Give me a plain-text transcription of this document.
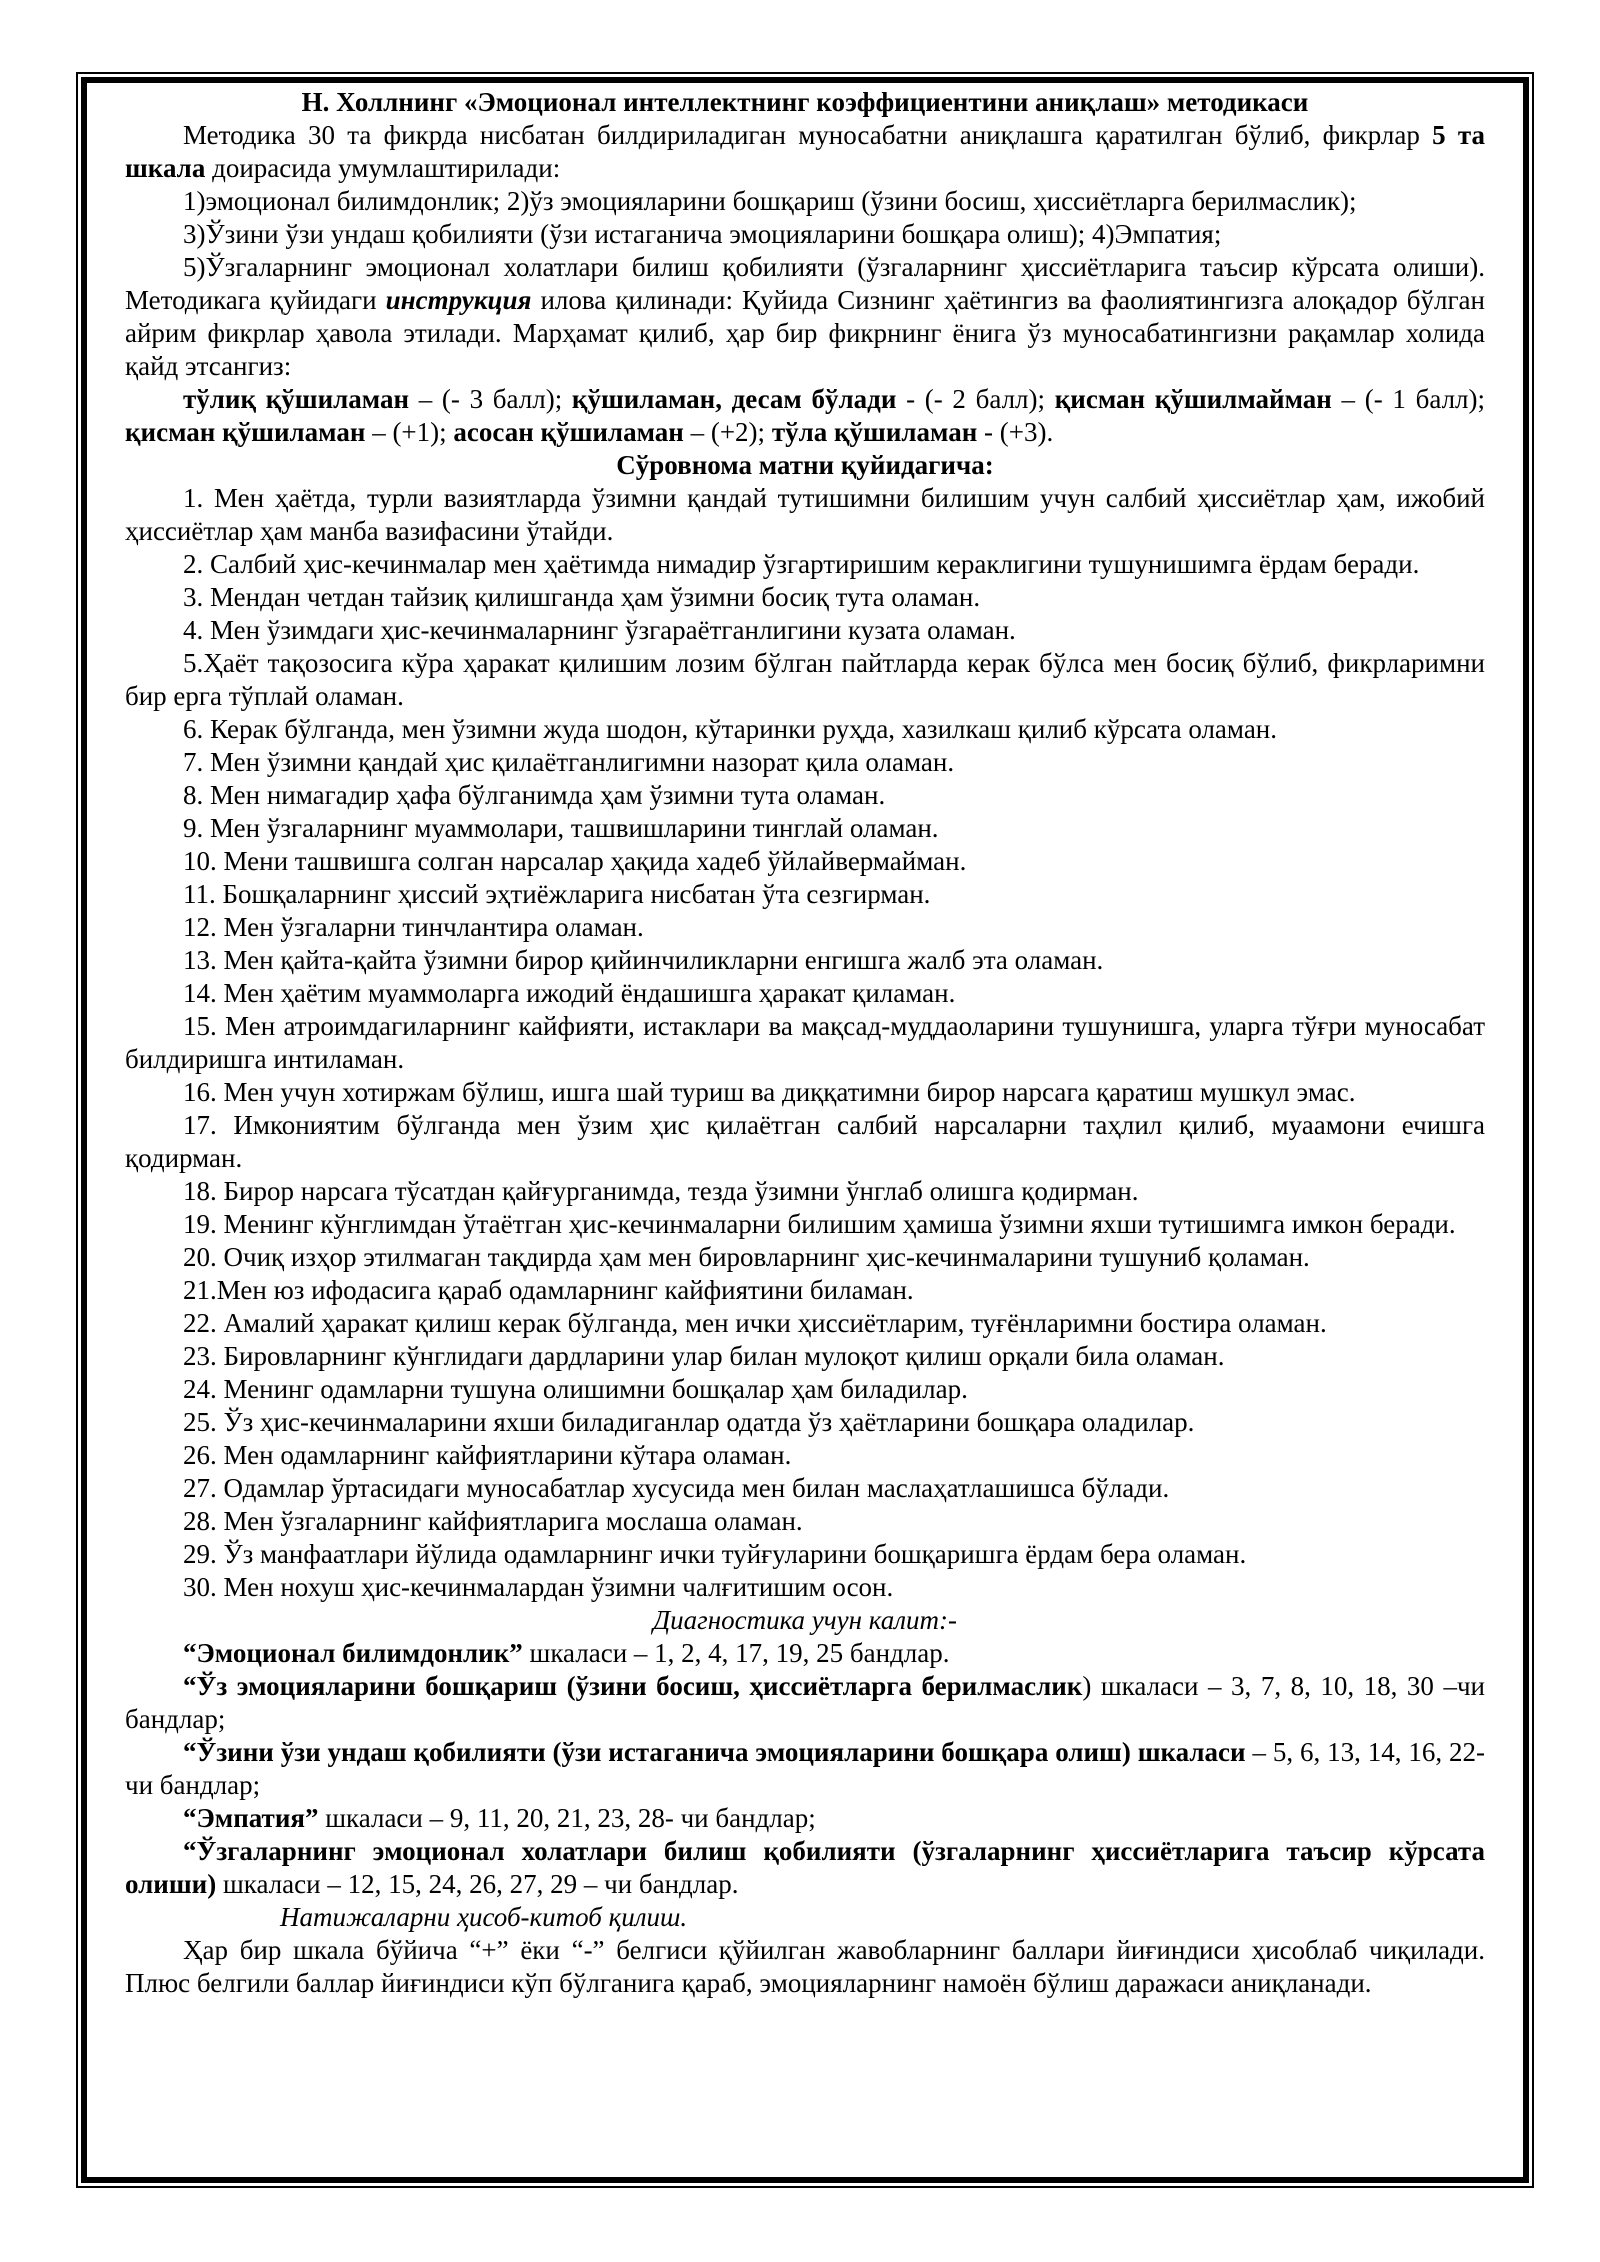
Н. Холлнинг «Эмоционал интеллектнинг коэффициентини аниқлаш» методикаси

Методика 30 та фикрда нисбатан билдириладиган муносабатни аниқлашга қаратилган бўлиб, фикрлар 5 та шкала доирасида умумлаштирилади:

1)эмоционал билимдонлик; 2)ўз эмоцияларини бошқариш (ўзини босиш, ҳиссиётларга берилмаслик);

3)Ўзини ўзи ундаш қобилияти (ўзи истаганича эмоцияларини бошқара олиш); 4)Эмпатия;

5)Ўзгаларнинг эмоционал холатлари билиш қобилияти (ўзгаларнинг ҳиссиётларига таъсир кўрсата олиши). Методикага қуйидаги инструкция илова қилинади: Қуйида Сизнинг ҳаётингиз ва фаолиятингизга алоқадор бўлган айрим фикрлар ҳавола этилади. Марҳамат қилиб, ҳар бир фикрнинг ёнига ўз муносабатингизни рақамлар холида қайд этсангиз:

тўлиқ қўшиламан – (- 3 балл); қўшиламан, десам бўлади - (- 2 балл); қисман қўшилмайман – (- 1 балл); қисман қўшиламан – (+1); асосан қўшиламан – (+2); тўла қўшиламан - (+3).

Сўровнома матни қуйидагича:

1. Мен ҳаётда, турли вазиятларда ўзимни қандай тутишимни билишим учун салбий ҳиссиётлар ҳам, ижобий ҳиссиётлар ҳам манба вазифасини ўтайди.

2. Салбий ҳис-кечинмалар мен ҳаётимда нимадир ўзгартиришим кераклигини тушунишимга ёрдам беради.

3. Мендан четдан тайзиқ қилишганда ҳам ўзимни босиқ тута оламан.

4. Мен ўзимдаги ҳис-кечинмаларнинг ўзгараётганлигини кузата оламан.

5.Ҳаёт тақозосига кўра ҳаракат қилишим лозим бўлган пайтларда керак бўлса мен босиқ бўлиб, фикрларимни бир ерга тўплай оламан.

6. Керак бўлганда, мен ўзимни жуда шодон, кўтаринки руҳда, хазилкаш қилиб кўрсата оламан.

7. Мен ўзимни қандай ҳис қилаётганлигимни назорат қила оламан.

8. Мен нимагадир ҳафа бўлганимда ҳам ўзимни тута оламан.

9. Мен ўзгаларнинг муаммолари, ташвишларини тинглай оламан.

10. Мени ташвишга солган нарсалар ҳақида хадеб ўйлайвермайман.

11. Бошқаларнинг ҳиссий эҳтиёжларига нисбатан ўта сезгирман.

12. Мен ўзгаларни тинчлантира оламан.

13. Мен қайта-қайта ўзимни бирор қийинчиликларни енгишга жалб эта оламан.

14. Мен ҳаётим муаммоларга ижодий ёндашишга ҳаракат қиламан.

15. Мен атроимдагиларнинг кайфияти, истаклари ва мақсад-муддаоларини тушунишга, уларга тўғри муносабат билдиришга интиламан.

16. Мен учун хотиржам бўлиш, ишга шай туриш ва диққатимни бирор нарсага қаратиш мушкул эмас.

17. Имкониятим бўлганда мен ўзим ҳис қилаётган салбий нарсаларни таҳлил қилиб, муаамони ечишга қодирман.

18. Бирор нарсага тўсатдан қайғурганимда, тезда ўзимни ўнглаб олишга қодирман.

19. Менинг кўнглимдан ўтаётган ҳис-кечинмаларни билишим ҳамиша ўзимни яхши тутишимга имкон беради.

20. Очиқ изҳор этилмаган тақдирда ҳам мен бировларнинг ҳис-кечинмаларини тушуниб қоламан.

21.Мен юз ифодасига қараб одамларнинг кайфиятини биламан.

22. Амалий ҳаракат қилиш керак бўлганда, мен ички ҳиссиётларим, туғёнларимни бостира оламан.

23. Бировларнинг кўнглидаги дардларини улар билан мулоқот қилиш орқали била оламан.

24. Менинг одамларни тушуна олишимни бошқалар ҳам биладилар.

25. Ўз ҳис-кечинмаларини яхши биладиганлар одатда ўз ҳаётларини бошқара оладилар.

26. Мен одамларнинг кайфиятларини кўтара оламан.

27. Одамлар ўртасидаги муносабатлар хусусида мен билан маслаҳатлашишса бўлади.

28. Мен ўзгаларнинг кайфиятларига мослаша оламан.

29. Ўз манфаатлари йўлида одамларнинг ички туйғуларини бошқаришга ёрдам бера оламан.

30. Мен нохуш ҳис-кечинмалардан ўзимни чалғитишим осон.

Диагностика учун калит:-

“Эмоционал билимдонлик” шкаласи – 1, 2, 4, 17, 19, 25 бандлар.

“Ўз эмоцияларини бошқариш (ўзини босиш, ҳиссиётларга берилмаслик) шкаласи – 3, 7, 8, 10, 18, 30 –чи бандлар;

“Ўзини ўзи ундаш қобилияти (ўзи истаганича эмоцияларини бошқара олиш) шкаласи – 5, 6, 13, 14, 16, 22-чи бандлар;

“Эмпатия” шкаласи – 9, 11, 20, 21, 23, 28- чи бандлар;

“Ўзгаларнинг эмоционал холатлари билиш қобилияти (ўзгаларнинг ҳиссиётларига таъсир кўрсата олиши) шкаласи – 12, 15, 24, 26, 27, 29 – чи бандлар.

Натижаларни ҳисоб-китоб қилиш.

Ҳар бир шкала бўйича “+” ёки “-” белгиси қўйилган жавобларнинг баллари йиғиндиси ҳисоблаб чиқилади. Плюс белгили баллар йиғиндиси кўп бўлганига қараб, эмоцияларнинг намоён бўлиш даражаси аниқланади.
